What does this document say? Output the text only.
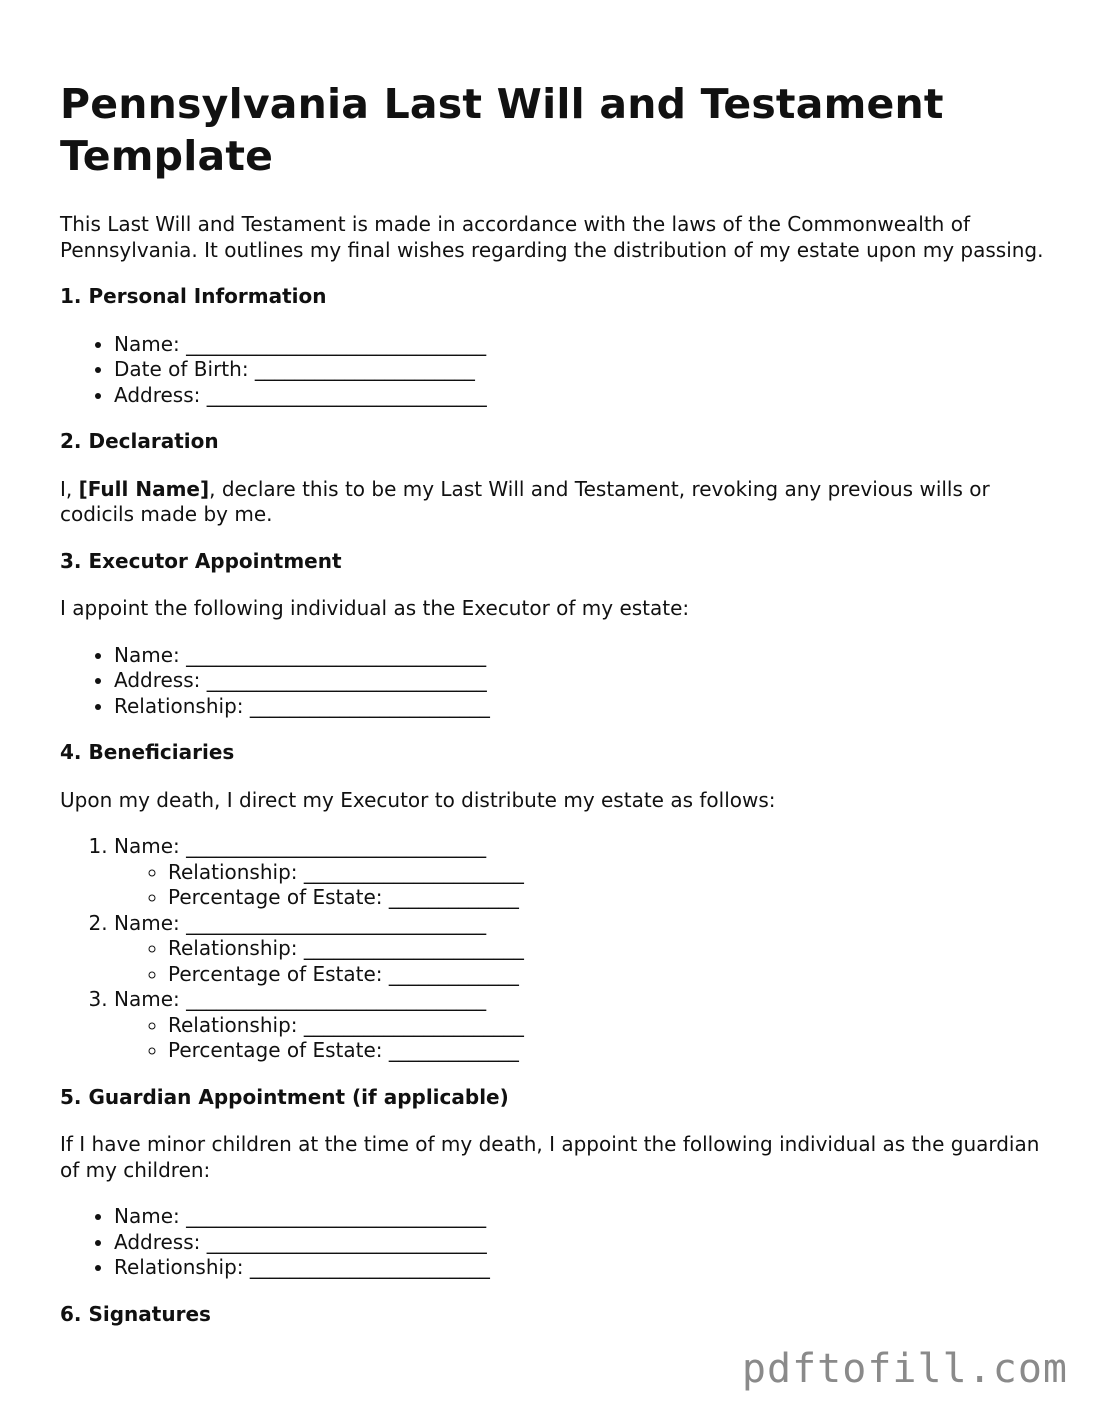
Pennsylvania Last Will and Testament Template

This Last Will and Testament is made in accordance with the laws of the Commonwealth of Pennsylvania. It outlines my final wishes regarding the distribution of my estate upon my passing.

1. Personal Information
• Name: ______________________________
• Date of Birth: ______________________
• Address: ____________________________
2. Declaration

I, [Full Name], declare this to be my Last Will and Testament, revoking any previous wills or codicils made by me.

3. Executor Appointment

I appoint the following individual as the Executor of my estate:

• Name: ______________________________
• Address: ____________________________
• Relationship: ________________________
4. Beneficiaries

Upon my death, I direct my Executor to distribute my estate as follows:

1. Name: ______________________________
◦ Relationship: ______________________
◦ Percentage of Estate: _____________
2. Name: ______________________________
◦ Relationship: ______________________
◦ Percentage of Estate: _____________
3. Name: ______________________________
◦ Relationship: ______________________
◦ Percentage of Estate: _____________
5. Guardian Appointment (if applicable)

If I have minor children at the time of my death, I appoint the following individual as the guardian of my children:

• Name: ______________________________
• Address: ____________________________
• Relationship: ________________________
6. Signatures
pdftofill.com
